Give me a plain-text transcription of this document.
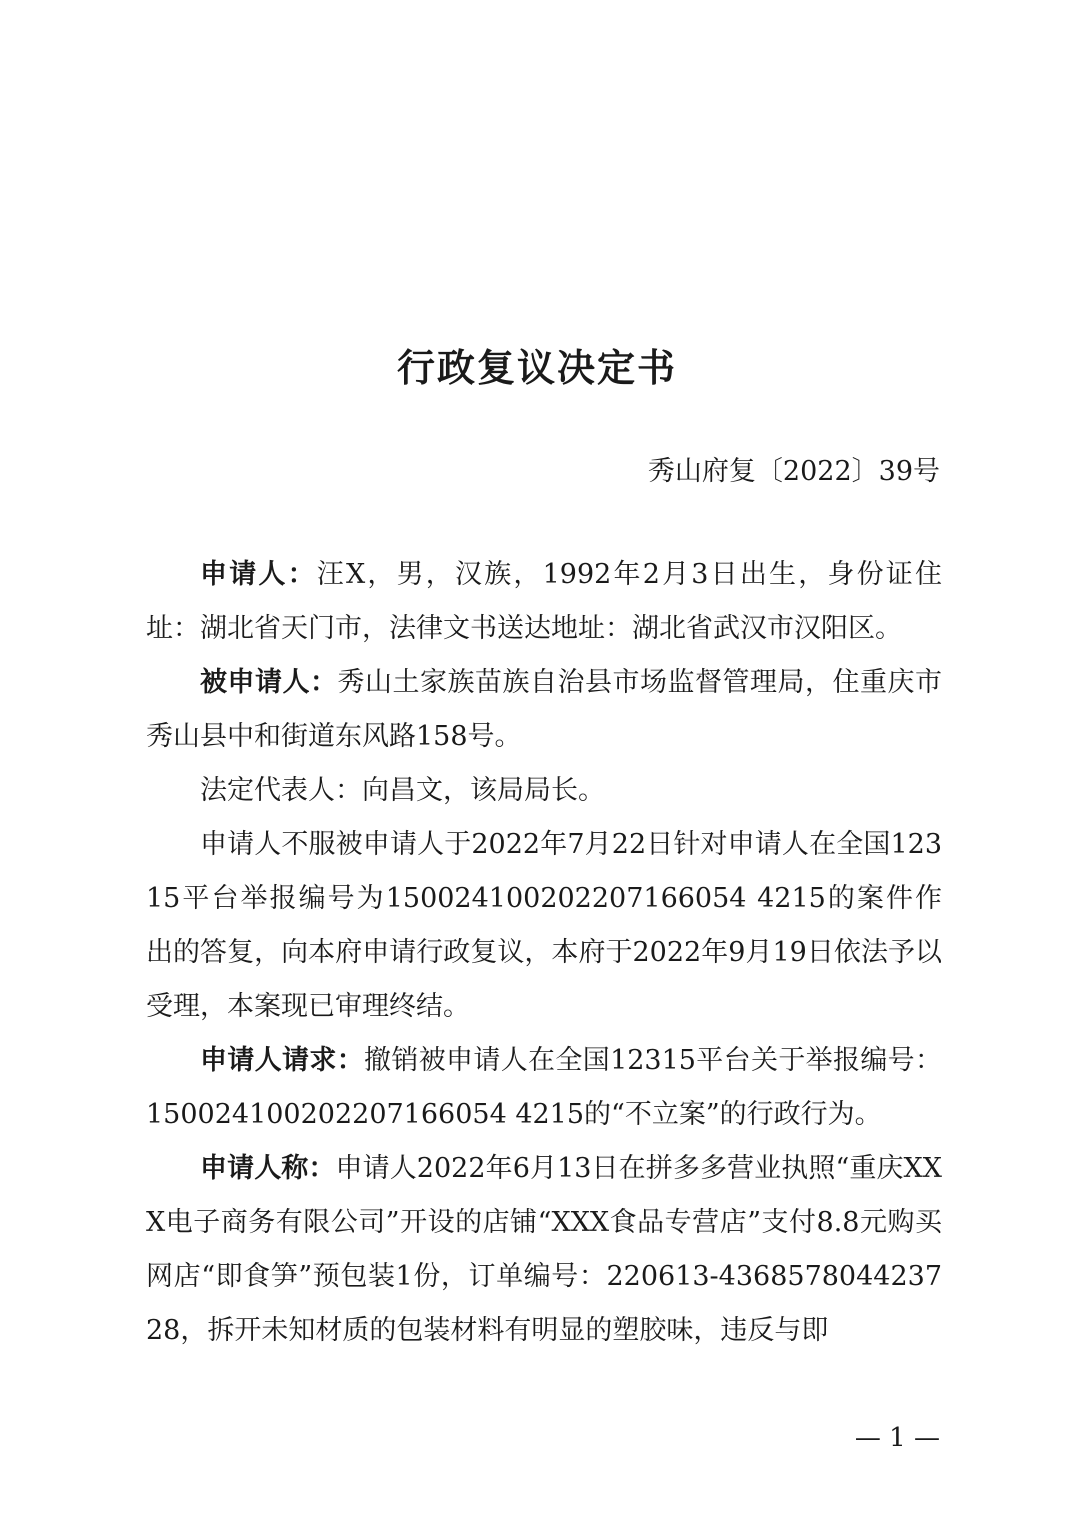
行政复议决定书
秀山府复〔2022〕39号

申请人：汪X，男，汉族，1992年2月3日出生，身份证住址：湖北省天门市，法律文书送达地址：湖北省武汉市汉阳区。

被申请人：秀山土家族苗族自治县市场监督管理局，住重庆市秀山县中和街道东风路158号。

法定代表人：向昌文，该局局长。

申请人不服被申请人于2022年7月22日针对申请人在全国12315平台举报编号为150024100202207166054 4215的案件作出的答复，向本府申请行政复议，本府于2022年9月19日依法予以受理，本案现已审理终结。

申请人请求：撤销被申请人在全国12315平台关于举报编号：150024100202207166054 4215的“不立案”的行政行为。

申请人称：申请人2022年6月13日在拼多多营业执照“重庆XXX电子商务有限公司”开设的店铺“XXX食品专营店”支付8.8元购买网店“即食笋”预包装1份，订单编号：220613-436857804423728，拆开未知材质的包装材料有明显的塑胶味，违反与即

— 1 —
